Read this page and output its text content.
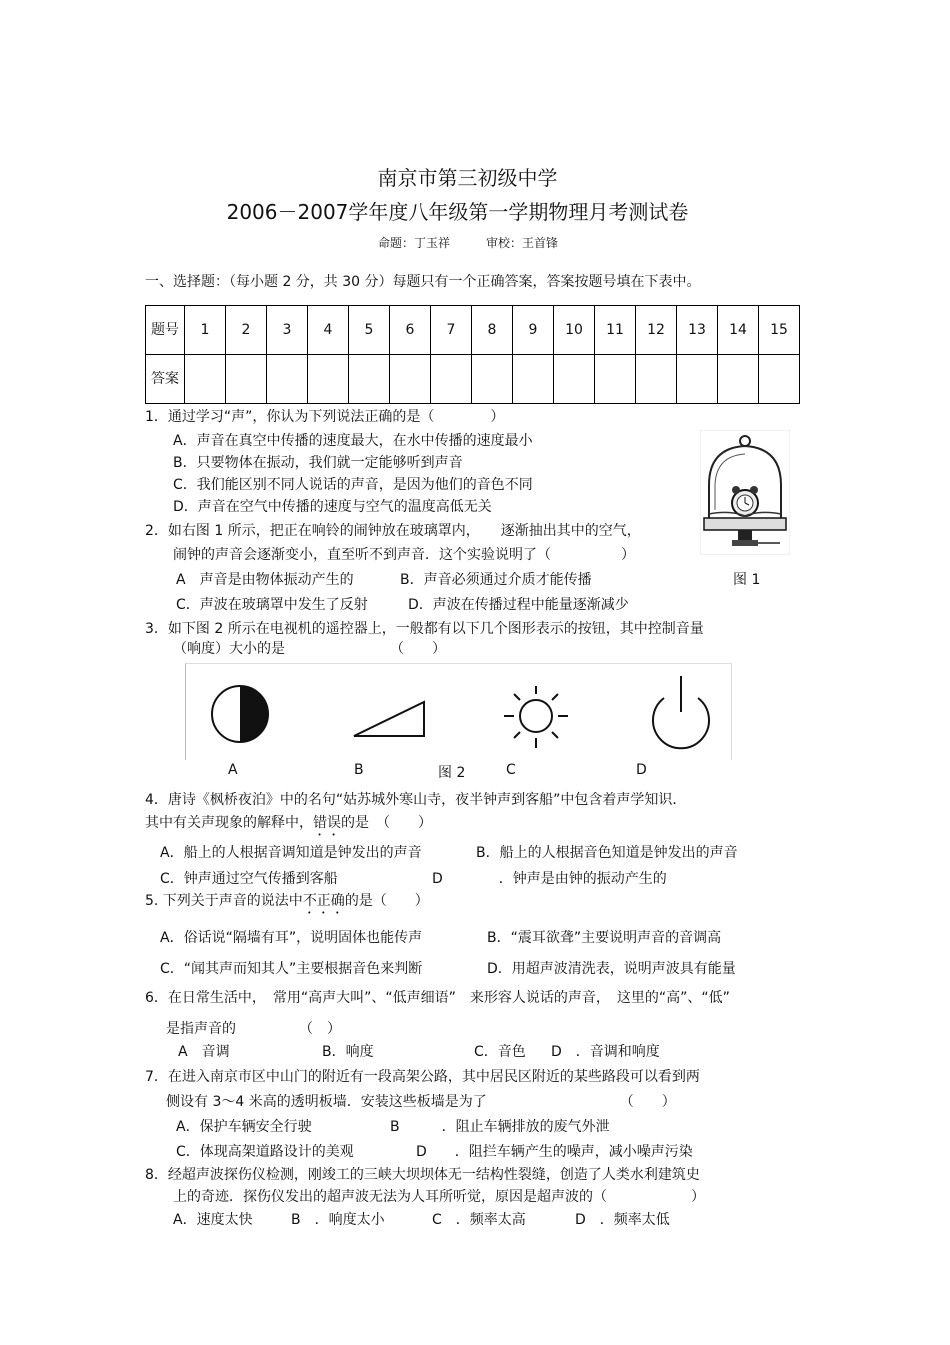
南京市第三初级中学
2006－2007学年度八年级第一学期物理月考测试卷
命题：丁玉祥	审校：王首锋
一、选择题：（每小题 2 分，共 30 分）每题只有一个正确答案，答案按题号填在下表中。
题号	1	2	3	4	5	6	7	8	9	10	11	12	13	14	15
答案															
1．通过学习“声”，你认为下列说法正确的是（　　　　）
A．声音在真空中传播的速度最大，在水中传播的速度最小
B．只要物体在振动，我们就一定能够听到声音
C．我们能区别不同人说话的声音，是因为他们的音色不同
D．声音在空气中传播的速度与空气的温度高低无关
2．如右图 1 所示，把正在响铃的闹钟放在玻璃罩内，　　逐渐抽出其中的空气，
闹钟的声音会逐渐变小，直至听不到声音．这个实验说明了（　　　　　）
A　声音是由物体振动产生的	B．声音必须通过介质才能传播	图 1
C．声波在玻璃罩中发生了反射	D．声波在传播过程中能量逐渐减少
3．如下图 2 所示在电视机的遥控器上，一般都有以下几个图形表示的按钮，其中控制音量
（响度）大小的是　　　　　　　　（　　）
A	B	图 2	C	D
4．唐诗《枫桥夜泊》中的名句“姑苏城外寒山寺，夜半钟声到客船”中包含着声学知识．
其中有关声现象的解释中，错误的是　（　　）
A．船上的人根据音调知道是钟发出的声音	B．船上的人根据音色知道是钟发出的声音
C．钟声通过空气传播到客船	D　　　　．钟声是由钟的振动产生的
5. 下列关于声音的说法中不正确的是（　　）
A．俗话说“隔墙有耳”，说明固体也能传声	B．“震耳欲聋”主要说明声音的音调高
C．“闻其声而知其人”主要根据音色来判断	D．用超声波清洗表，说明声波具有能量
6．在日常生活中，　常用“高声大叫”、“低声细语”　来形容人说话的声音，　这里的“高”、“低”
是指声音的　　　　　（　）
A　音调	B．响度	C．音色 D　．音调和响度
7．在进入南京市区中山门的附近有一段高架公路，其中居民区附近的某些路段可以看到两
侧设有 3～4 米高的透明板墙．安装这些板墙是为了　　　　　　　　　　（　　）
A．保护车辆安全行驶	B　　　．阻止车辆排放的废气外泄
C．体现高架道路设计的美观	D　　．阻拦车辆产生的噪声，减小噪声污染
8．经超声波探伤仪检测，刚竣工的三峡大坝坝体无一结构性裂缝，创造了人类水利建筑史
上的奇迹．探伤仪发出的超声波无法为人耳所听觉，原因是超声波的（　　　　　　）
A．速度太快	B　．响度太小	C　．频率太高	D　．频率太低
